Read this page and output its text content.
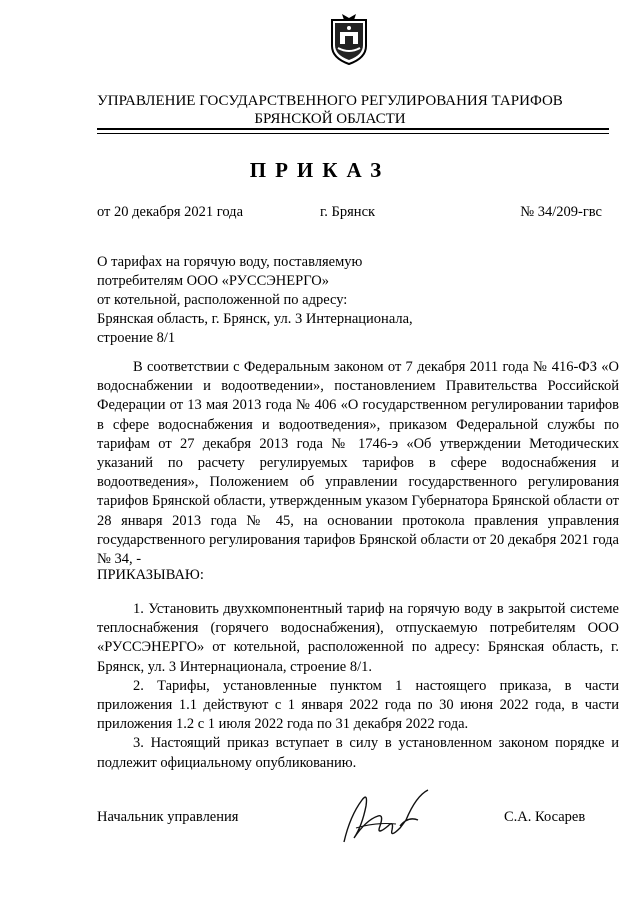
УПРАВЛЕНИЕ ГОСУДАРСТВЕННОГО РЕГУЛИРОВАНИЯ ТАРИФОВ
БРЯНСКОЙ ОБЛАСТИ
ПРИКАЗ
от 20 декабря 2021 года	г. Брянск	№ 34/209-гвс
О тарифах на горячую воду, поставляемую
потребителям ООО «РУССЭНЕРГО»
от котельной, расположенной по адресу:
Брянская область, г. Брянск, ул. 3 Интернационала,
строение 8/1

В соответствии с Федеральным законом от 7 декабря 2011 года № 416-ФЗ «О водоснабжении и водоотведении», постановлением Правительства Российской Федерации от 13 мая 2013 года № 406 «О государственном регулировании тарифов в сфере водоснабжения и водоотведения», приказом Федеральной службы по тарифам от 27 декабря 2013 года № 1746-э «Об утверждении Методических указаний по расчету регулируемых тарифов в сфере водоснабжения и водоотведения», Положением об управлении государственного регулирования тарифов Брянской области, утвержденным указом Губернатора Брянской области от 28 января 2013 года № 45, на основании протокола правления управления государственного регулирования тарифов Брянской области от 20 декабря 2021 года № 34, -

ПРИКАЗЫВАЮ:

1. Установить двухкомпонентный тариф на горячую воду в закрытой системе теплоснабжения (горячего водоснабжения), отпускаемую потребителям ООО «РУССЭНЕРГО» от котельной, расположенной по адресу: Брянская область, г. Брянск, ул. 3 Интернационала, строение 8/1.

2. Тарифы, установленные пунктом 1 настоящего приказа, в части приложения 1.1 действуют с 1 января 2022 года по 30 июня 2022 года, в части приложения 1.2 с 1 июля 2022 года по 31 декабря 2022 года.

3. Настоящий приказ вступает в силу в установленном законом порядке и подлежит официальному опубликованию.

Начальник управления	С.А. Косарев
